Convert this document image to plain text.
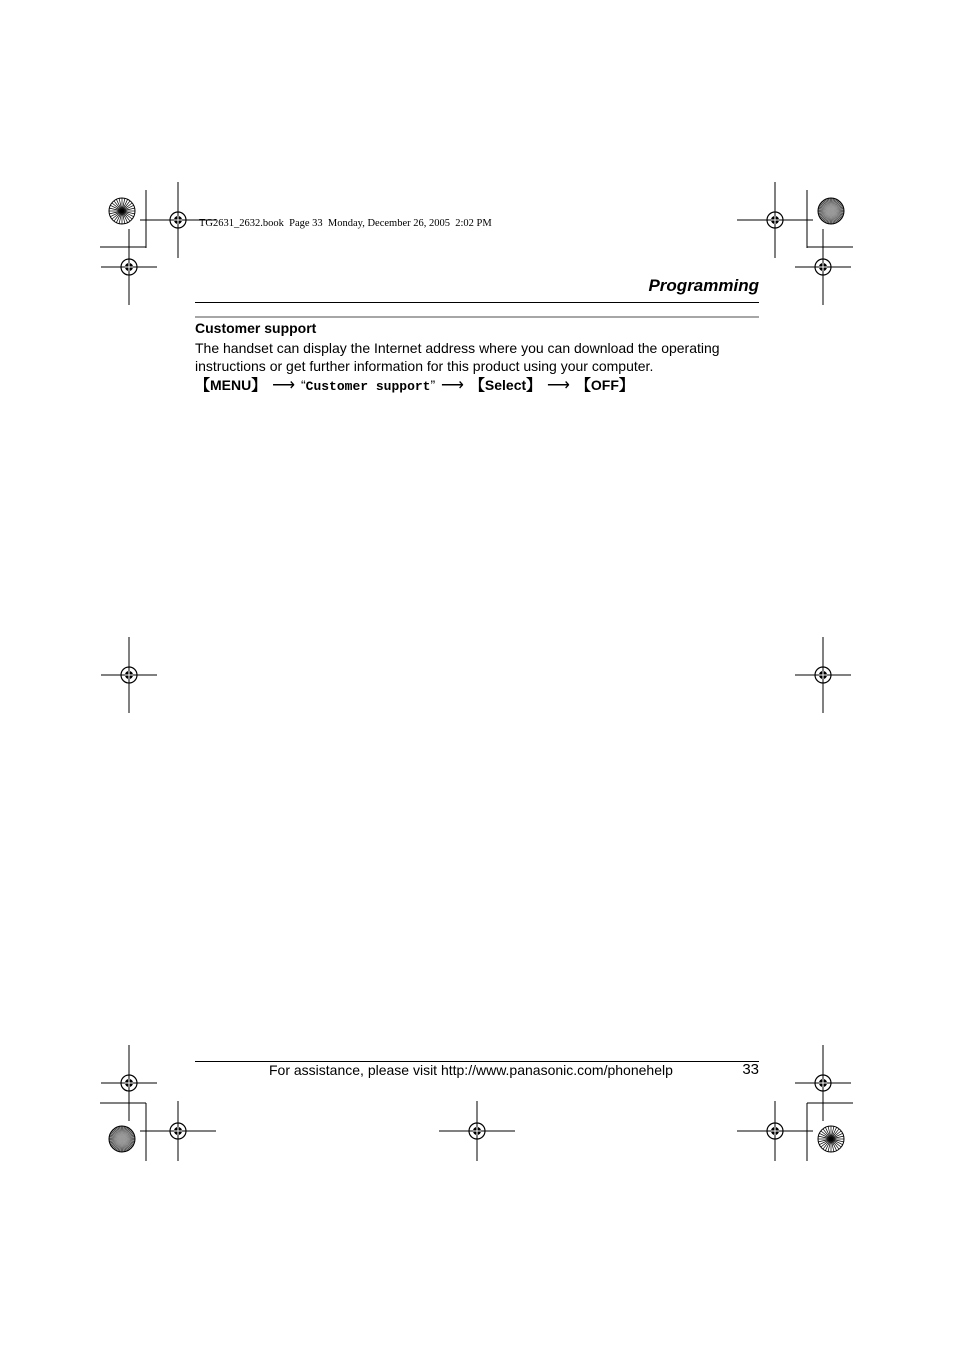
TG2631_2632.book  Page 33  Monday, December 26, 2005  2:02 PM
Programming
Customer support

The handset can display the Internet address where you can download the operating instructions or get further information for this product using your computer.

【MENU】 ⟶ “Customer support” ⟶ 【Select】 ⟶ 【OFF】
For assistance, please visit http://www.panasonic.com/phonehelp	33
